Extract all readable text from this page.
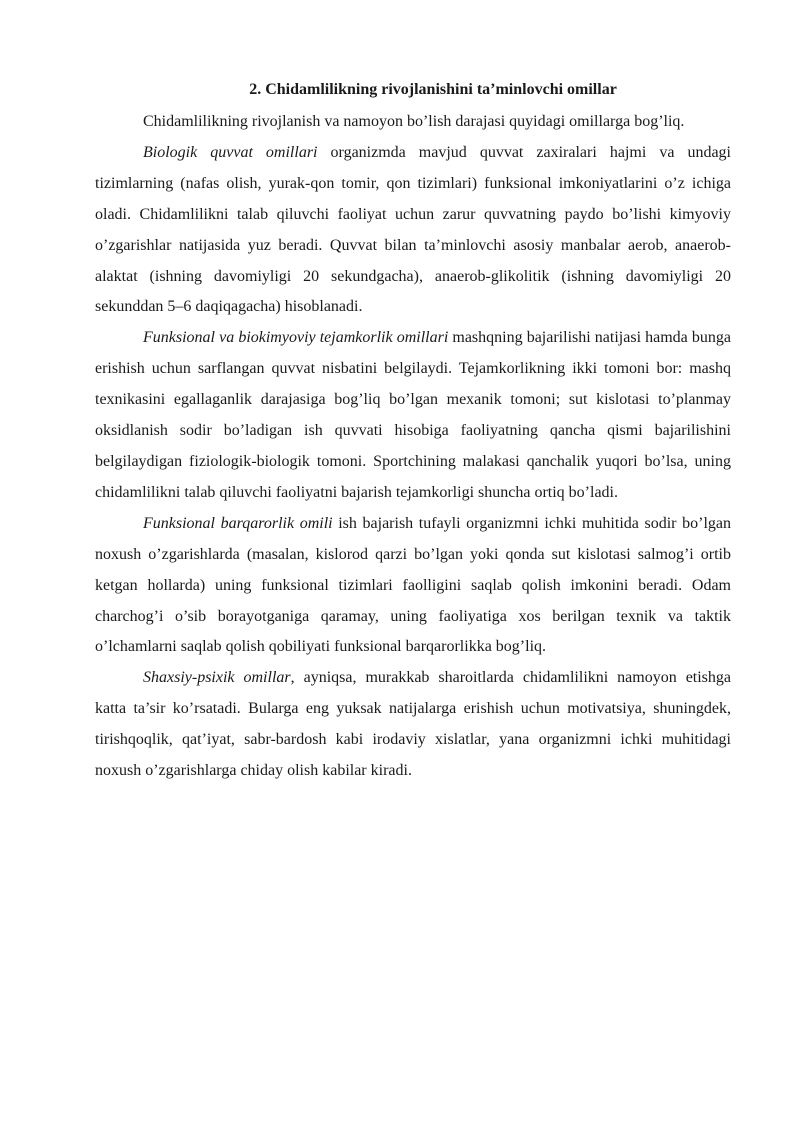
2. Chidamlilikning rivojlanishini ta’minlovchi omillar

Chidamlilikning rivojlanish va namoyon bo’lish darajasi quyidagi omillarga bog’liq.

Biologik quvvat omillari organizmda mavjud quvvat zaxiralari hajmi va undagi tizimlarning (nafas olish, yurak-qon tomir, qon tizimlari) funksional imkoniyatlarini o’z ichiga oladi. Chidamlilikni talab qiluvchi faoliyat uchun zarur quvvatning paydo bo’lishi kimyoviy o’zgarishlar natijasida yuz beradi. Quvvat bilan ta’minlovchi asosiy manbalar aerob, anaerob-alaktat (ishning davomiyligi 20 sekundgacha), anaerob-glikolitik (ishning davomiyligi 20 sekunddan 5–6 daqiqagacha) hisoblanadi.

Funksional va biokimyoviy tejamkorlik omillari mashqning bajarilishi natijasi hamda bunga erishish uchun sarflangan quvvat nisbatini belgilaydi. Tejamkorlikning ikki tomoni bor: mashq texnikasini egallaganlik darajasiga bog’liq bo’lgan mexanik tomoni; sut kislotasi to’planmay oksidlanish sodir bo’ladigan ish quvvati hisobiga faoliyatning qancha qismi bajarilishini belgilaydigan fiziologik-biologik tomoni. Sportchining malakasi qanchalik yuqori bo’lsa, uning chidamlilikni talab qiluvchi faoliyatni bajarish tejamkorligi shuncha ortiq bo’ladi.

Funksional barqarorlik omili ish bajarish tufayli organizmni ichki muhitida sodir bo’lgan noxush o’zgarishlarda (masalan, kislorod qarzi bo’lgan yoki qonda sut kislotasi salmog’i ortib ketgan hollarda) uning funksional tizimlari faolligini saqlab qolish imkonini beradi. Odam charchog’i o’sib borayotganiga qaramay, uning faoliyatiga xos berilgan texnik va taktik o’lchamlarni saqlab qolish qobiliyati funksional barqarorlikka bog’liq.

Shaxsiy-psixik omillar, ayniqsa, murakkab sharoitlarda chidamlilikni namoyon etishga katta ta’sir ko’rsatadi. Bularga eng yuksak natijalarga erishish uchun motivatsiya, shuningdek, tirishqoqlik, qat’iyat, sabr-bardosh kabi irodaviy xislatlar, yana organizmni ichki muhitidagi noxush o’zgarishlarga chiday olish kabilar kiradi.
